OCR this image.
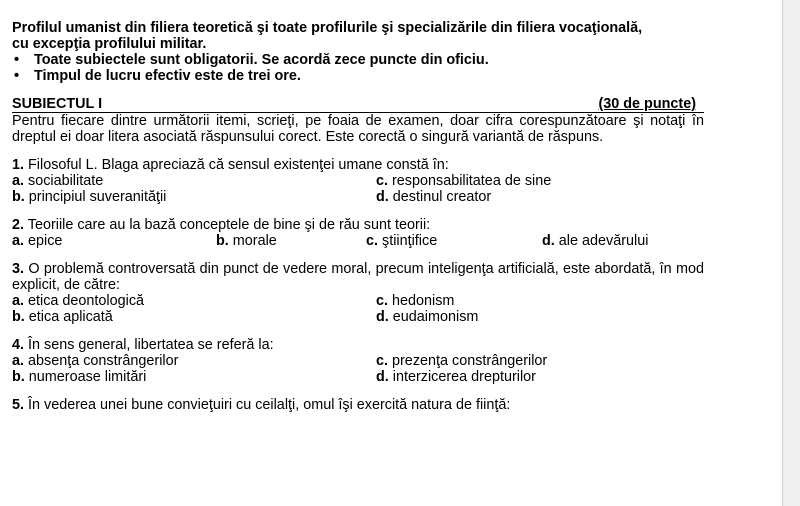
Profilul umanist din filiera teoretică şi toate profilurile şi specializările din filiera vocaţională,
cu excepţia profilului militar.
• Toate subiectele sunt obligatorii. Se acordă zece puncte din oficiu.
• Timpul de lucru efectiv este de trei ore.
SUBIECTUL I	(30 de puncte)
Pentru fiecare dintre următorii itemi, scrieţi, pe foaia de examen, doar cifra corespunzătoare şi notaţi în dreptul ei doar litera asociată răspunsului corect. Este corectă o singură variantă de răspuns.
1. Filosoful L. Blaga apreciază că sensul existenţei umane constă în:
a. sociabilitate	c. responsabilitatea de sine
b. principiul suveranităţii	d. destinul creator
2. Teoriile care au la bază conceptele de bine şi de rău sunt teorii:
a. epice	b. morale	c. ştiinţifice	d. ale adevărului
3. O problemă controversată din punct de vedere moral, precum inteligenţa artificială, este abordată, în mod explicit, de către:
a. etica deontologică	c. hedonism
b. etica aplicată	d. eudaimonism
4. În sens general, libertatea se referă la:
a. absenţa constrângerilor	c. prezenţa constrângerilor
b. numeroase limitări	d. interzicerea drepturilor
5. În vederea unei bune convieţuiri cu ceilalţi, omul îşi exercită natura de fiinţă:
